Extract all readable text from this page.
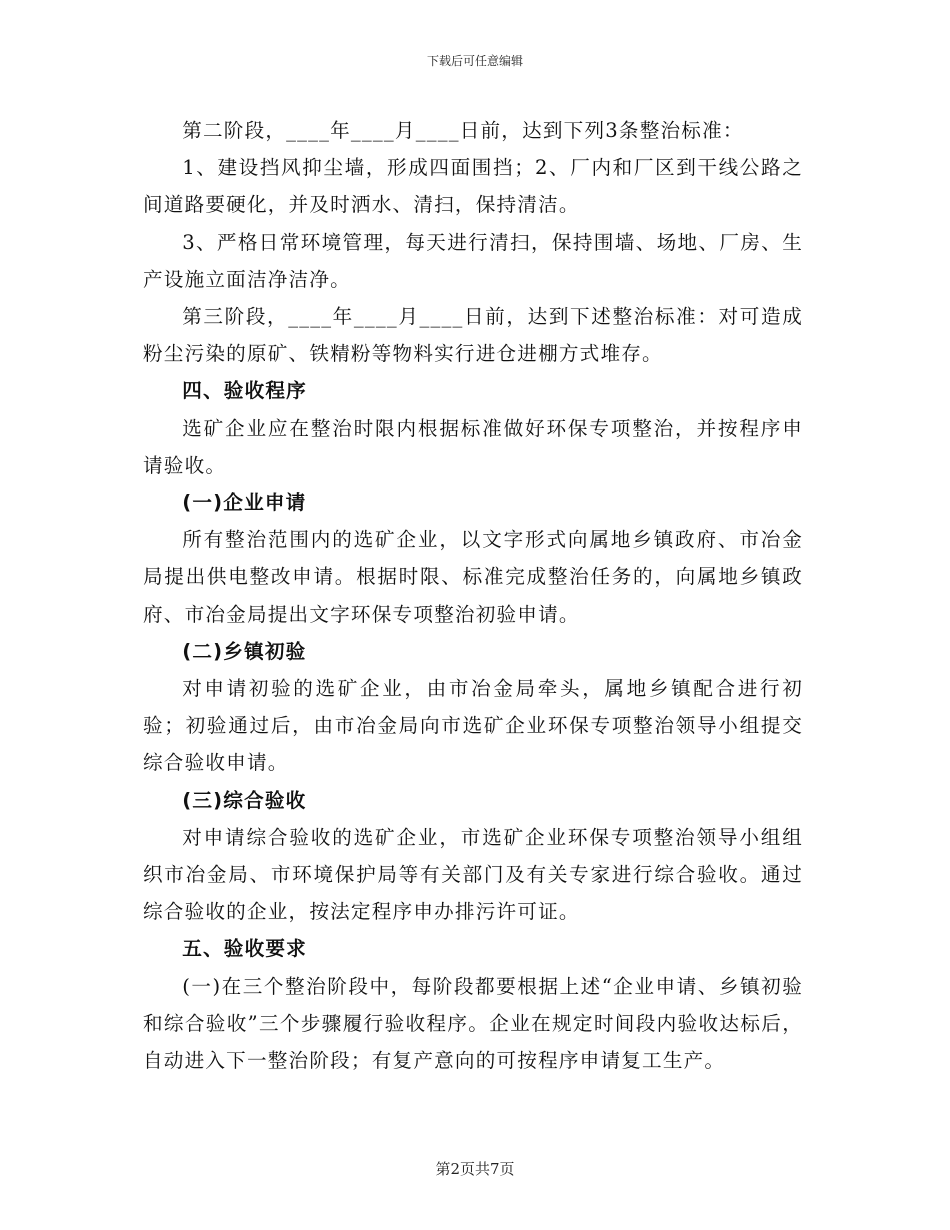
下载后可任意编辑

第二阶段，____年____月____日前，达到下列3条整治标准：

1、建设挡风抑尘墙，形成四面围挡；2、厂内和厂区到干线公路之间道路要硬化，并及时洒水、清扫，保持清洁。

3、严格日常环境管理，每天进行清扫，保持围墙、场地、厂房、生产设施立面洁净洁净。

第三阶段，____年____月____日前，达到下述整治标准：对可造成粉尘污染的原矿、铁精粉等物料实行进仓进棚方式堆存。

四、验收程序

选矿企业应在整治时限内根据标准做好环保专项整治，并按程序申请验收。

(一)企业申请

所有整治范围内的选矿企业，以文字形式向属地乡镇政府、市冶金局提出供电整改申请。根据时限、标准完成整治任务的，向属地乡镇政府、市冶金局提出文字环保专项整治初验申请。

(二)乡镇初验

对申请初验的选矿企业，由市冶金局牵头，属地乡镇配合进行初验；初验通过后，由市冶金局向市选矿企业环保专项整治领导小组提交综合验收申请。

(三)综合验收

对申请综合验收的选矿企业，市选矿企业环保专项整治领导小组组织市冶金局、市环境保护局等有关部门及有关专家进行综合验收。通过综合验收的企业，按法定程序申办排污许可证。

五、验收要求

(一)在三个整治阶段中，每阶段都要根据上述“企业申请、乡镇初验和综合验收”三个步骤履行验收程序。企业在规定时间段内验收达标后，自动进入下一整治阶段；有复产意向的可按程序申请复工生产。

第2页共7页
